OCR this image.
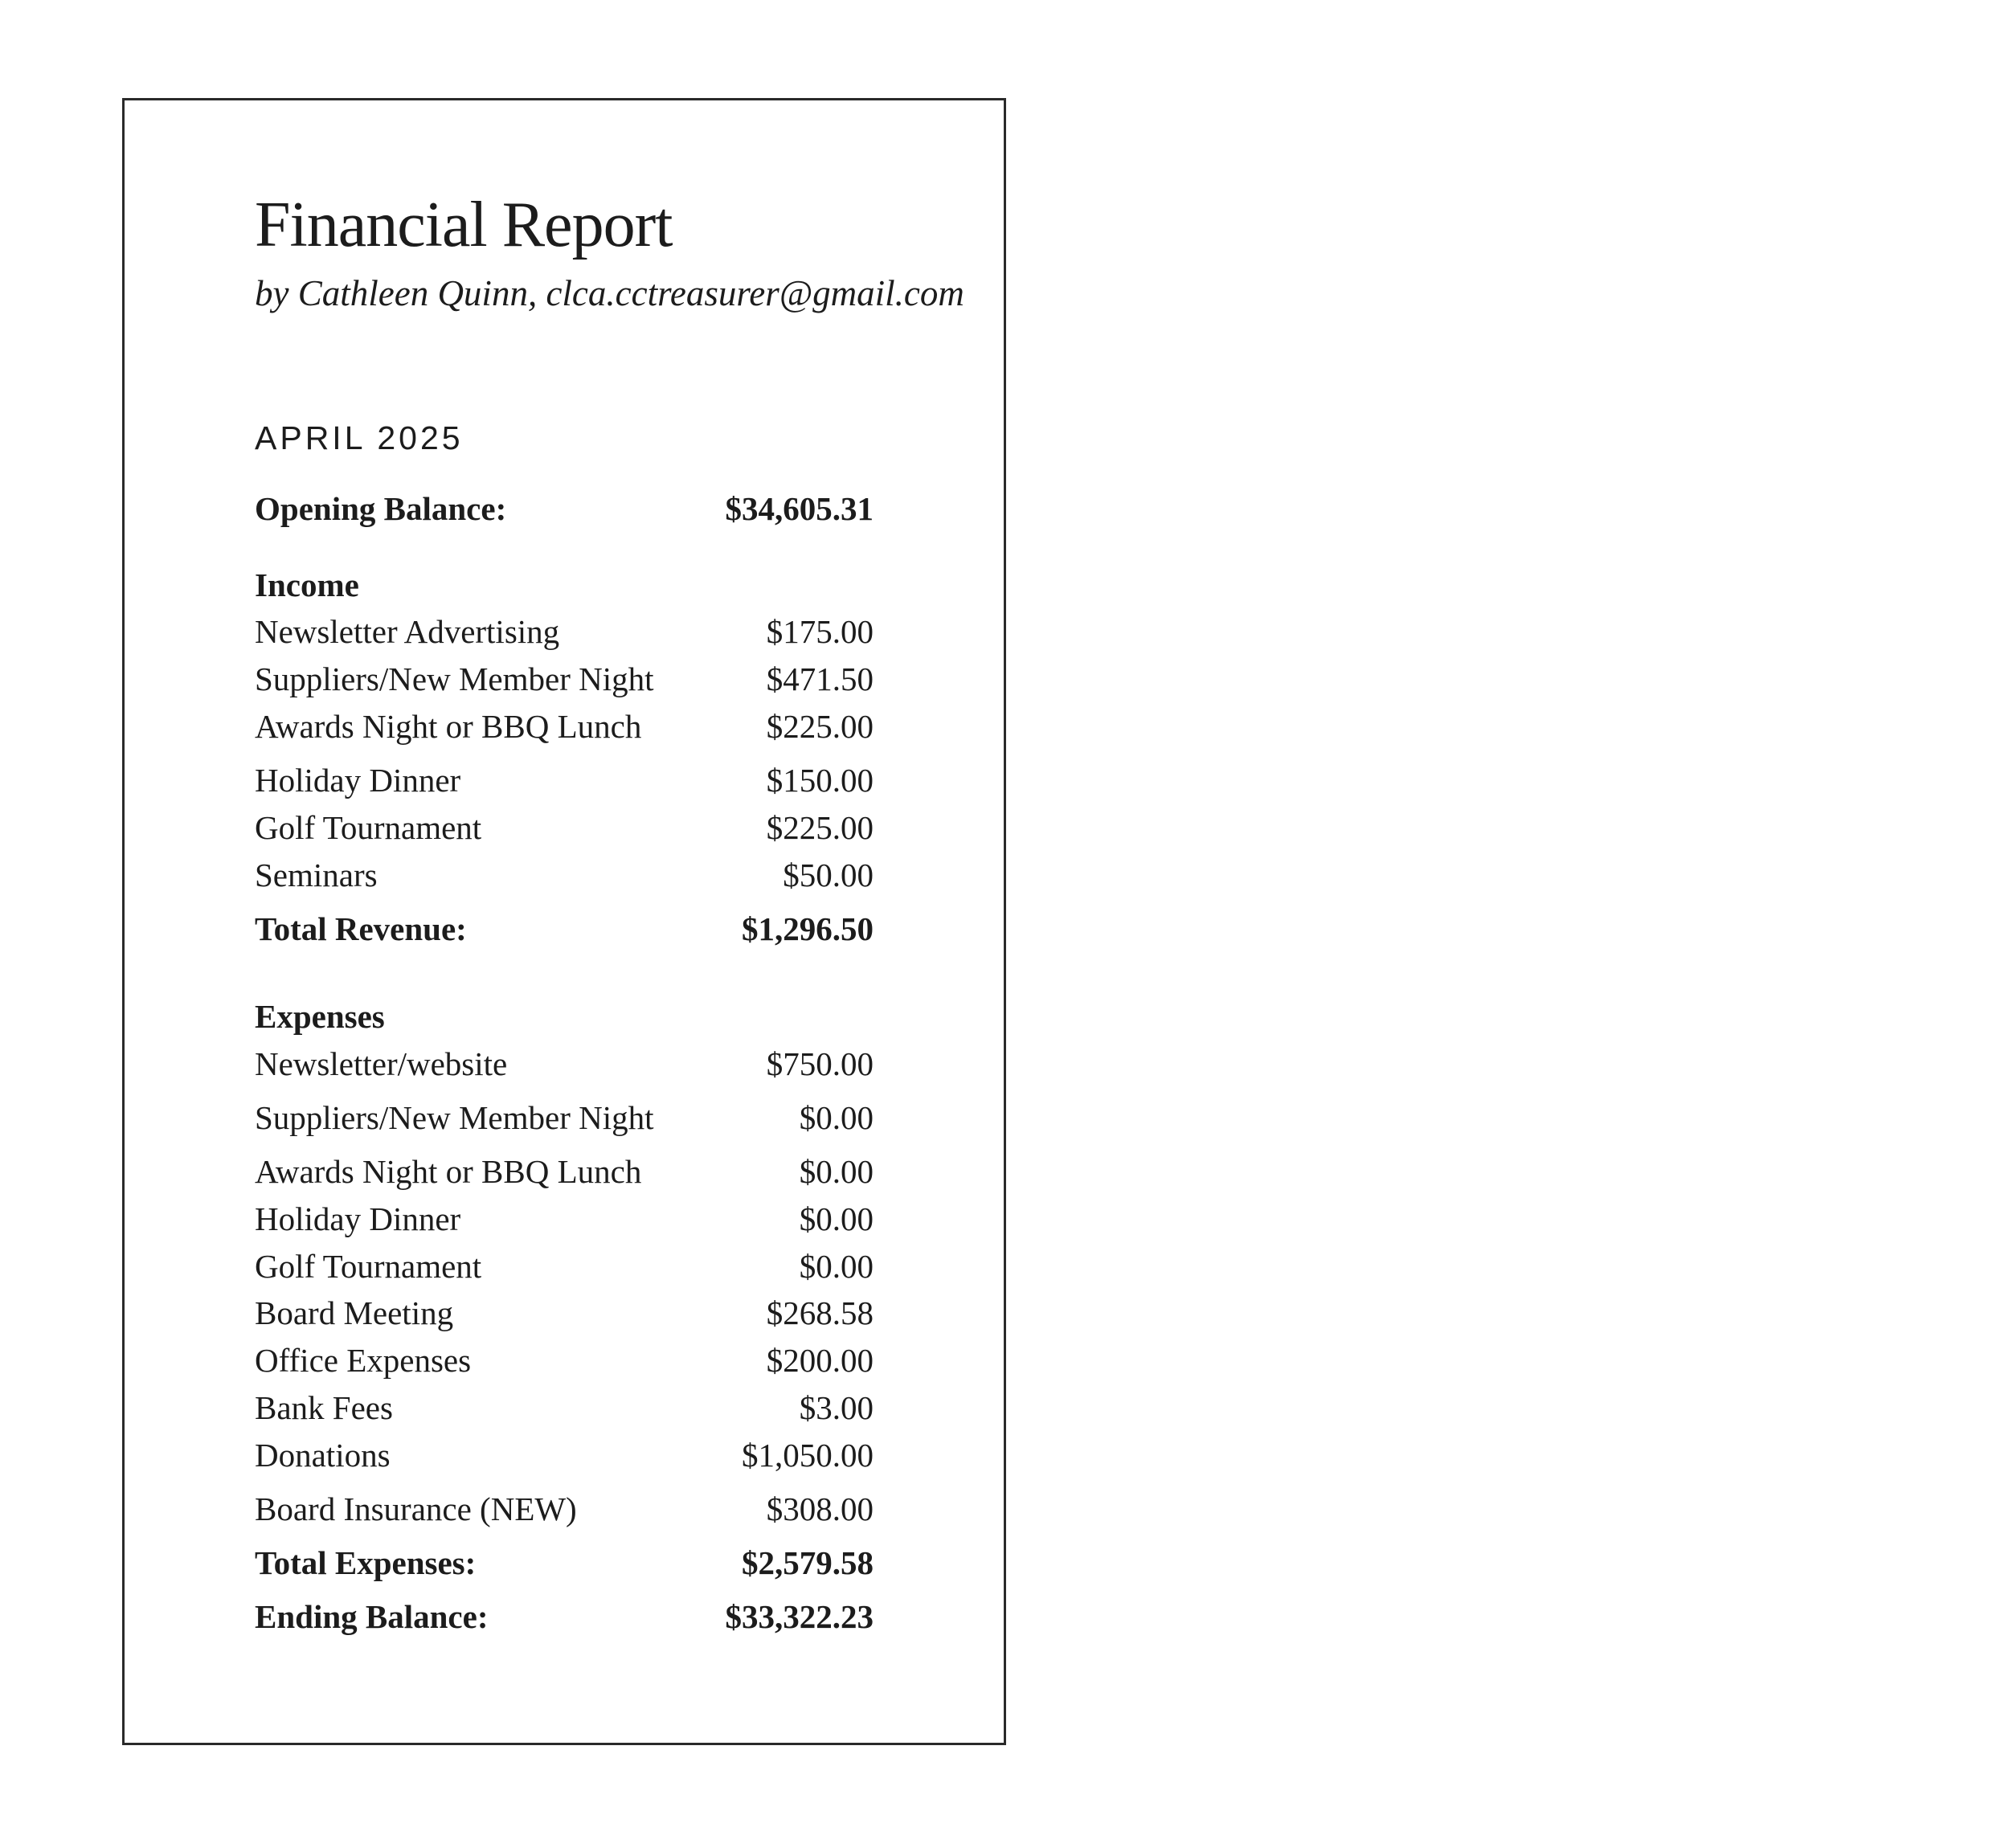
Financial Report
by Cathleen Quinn, clca.cctreasurer@gmail.com
APRIL 2025
Opening Balance:	$34,605.31
Income
Newsletter Advertising	$175.00
Suppliers/New Member Night	$471.50
Awards Night or BBQ Lunch	$225.00
Holiday Dinner	$150.00
Golf Tournament	$225.00
Seminars	$50.00
Total Revenue:	$1,296.50
Expenses
Newsletter/website	$750.00
Suppliers/New Member Night	$0.00
Awards Night or BBQ Lunch	$0.00
Holiday Dinner	$0.00
Golf Tournament	$0.00
Board Meeting	$268.58
Office Expenses	$200.00
Bank Fees	$3.00
Donations	$1,050.00
Board Insurance (NEW)	$308.00
Total Expenses:	$2,579.58
Ending Balance:	$33,322.23
